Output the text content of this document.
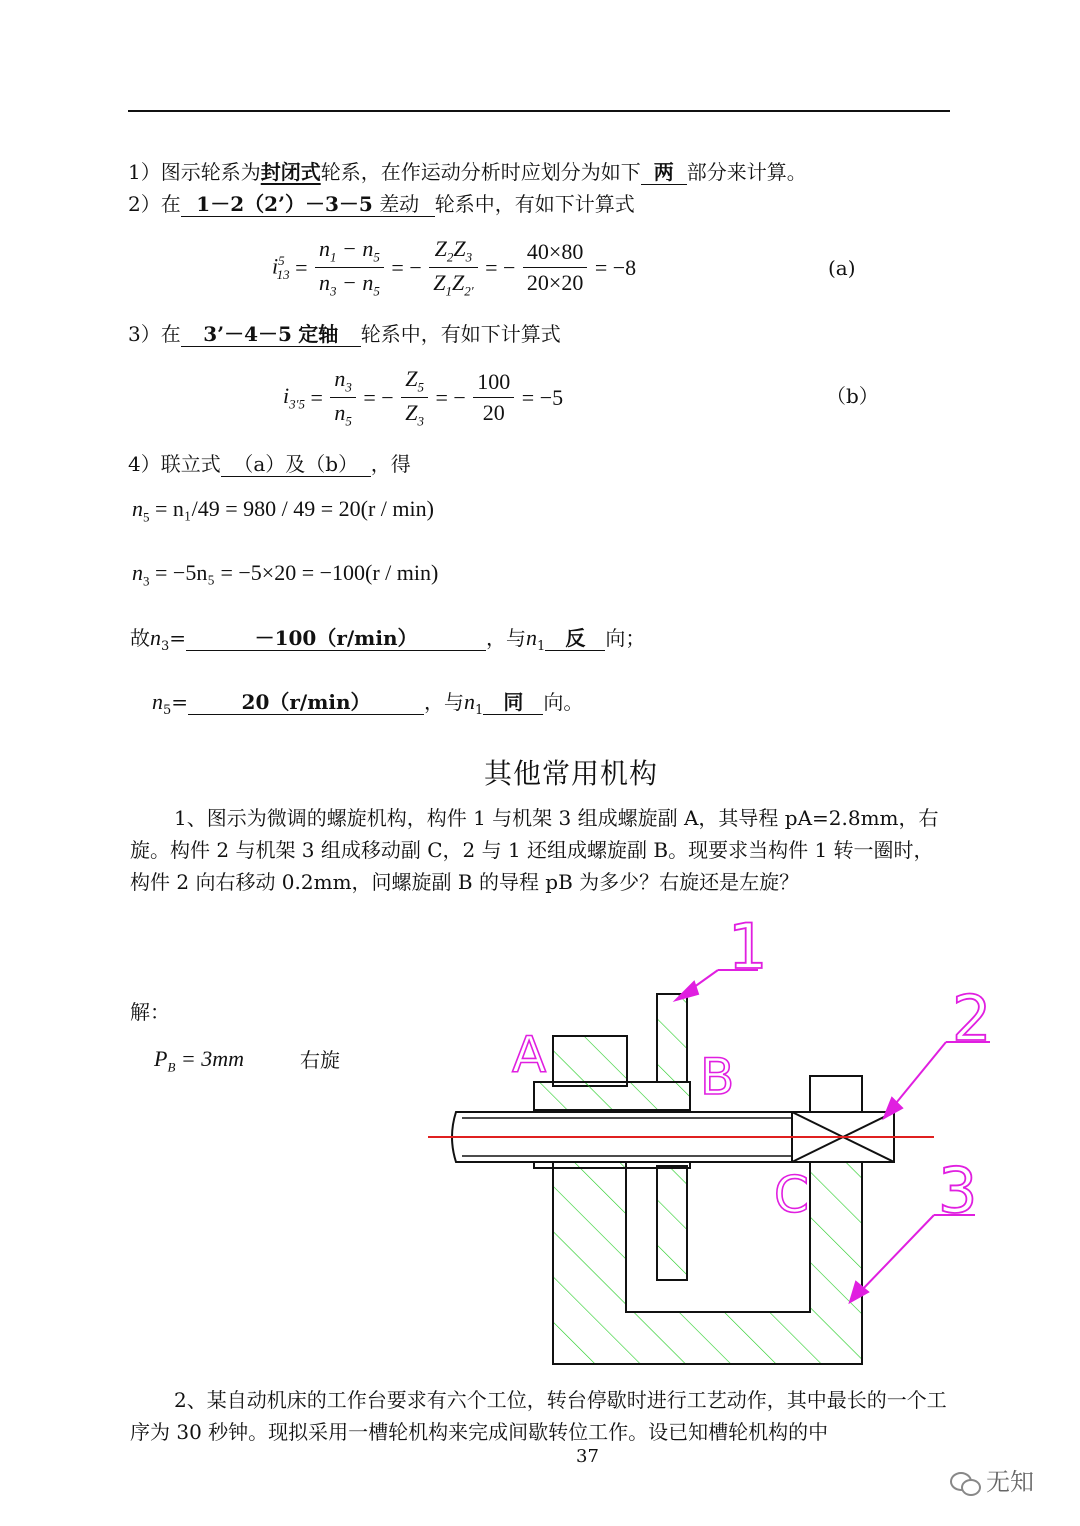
1）图示轮系为封闭式轮系，在作运动分析时应划分为如下 两 部分来计算。
2）在 1－2（2’）－3－5 差动 轮系中，有如下计算式
$i^5_{13} = \frac{n_1 - n_5}{n_3 - n_5}$ = − $\frac{Z_2Z_3}{Z_1Z_{2'}}$ = − $\frac{40\times 80}{20\times 20} = -8$	(a)
3）在 3’－4－5 定轴 轮系中，有如下计算式
$i_{3'5} = \frac{n_3}{n_5}$ = − $\frac{Z_5}{Z_3}$ = − $\frac{100}{20} = -5$	（b）
4）联立式 （a）及（b） ，得
$n_5 = n_1/49 = 980 / 49 = 20(r / \min)$
$n_3 = -5n_5 = -5\times 20 = -100(r / \min)$
故$n_3=$	－100（r/min）	，与$n_1$ 反 向；
$n_5=$	20（r/min）	，与$n_1$ 同 向。
其他常用机构
1、图示为微调的螺旋机构，构件 1 与机架 3 组成螺旋副 A，其导程 pA=2.8mm，右旋。构件 2 与机架 3 组成移动副 C，2 与 1 还组成螺旋副 B。现要求当构件 1 转一圈时，构件 2 向右移动 0.2mm，问螺旋副 B 的导程 pB 为多少？右旋还是左旋？
解：
$P_B = 3mm$	右旋
1
2
3
A	B
C
2、某自动机床的工作台要求有六个工位，转台停歇时进行工艺动作，其中最长的一个工序为 30 秒钟。现拟采用一槽轮机构来完成间歇转位工作。设已知槽轮机构的中
37
无知
